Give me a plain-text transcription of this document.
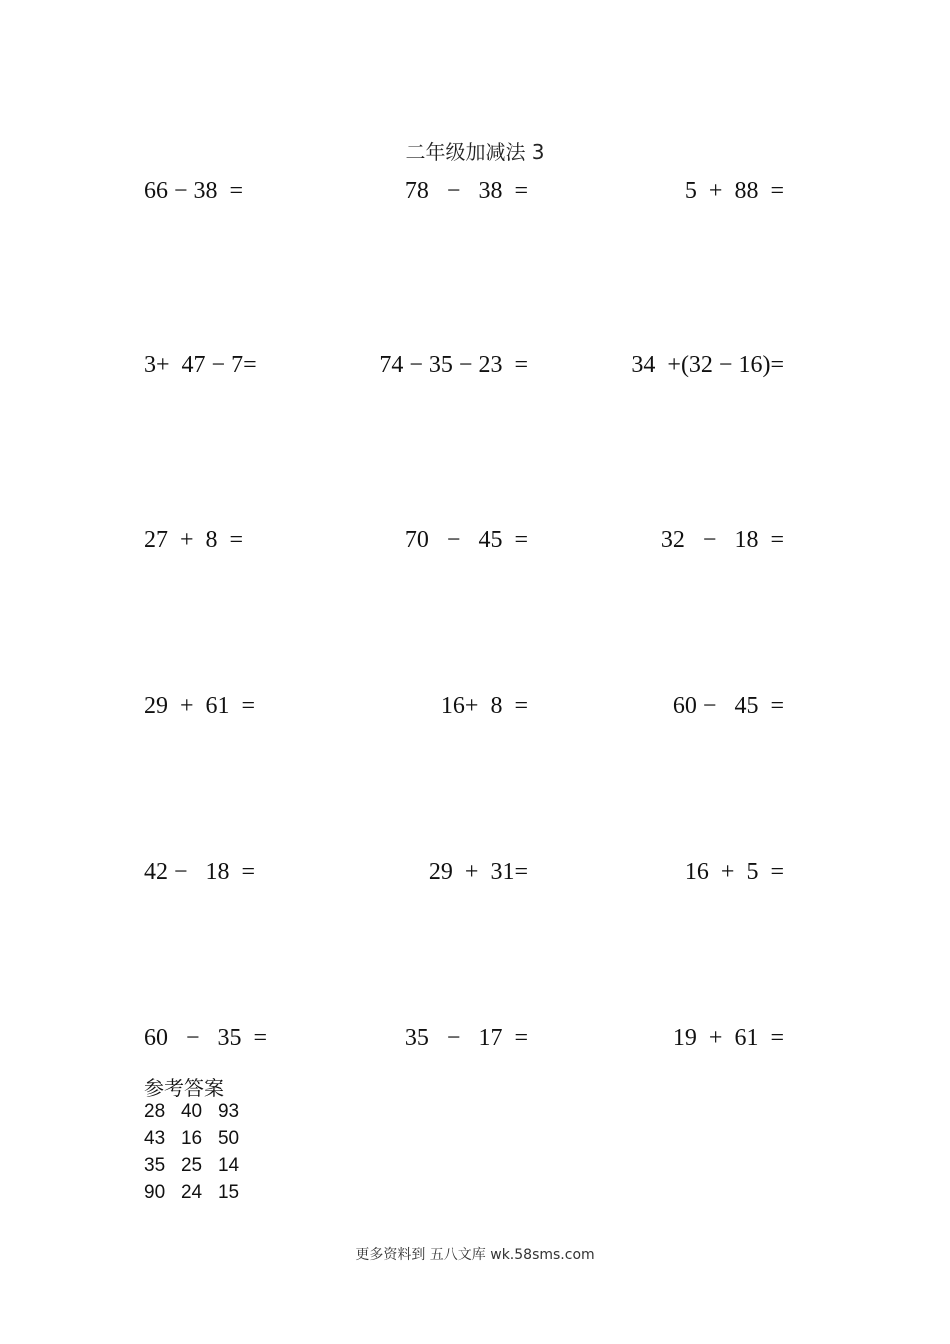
二年级加减法 3
66 − 38  =	78   −   38  =	5  +  88  =
3+  47 − 7=	74 − 35 − 23  =	34  +(32 − 16)=
27  +  8  =	70   −   45  =	32   −   18  =
29  +  61  =	16+  8  =	60 −   45  =
42 −   18  =	29  +  31=	16  +  5  =
60   −   35  =	35   −   17  =	19  +  61  =
参考答案
28   40   93
43   16   50
35   25   14
90   24   15
更多资料到 五八文库 wk.58sms.com
